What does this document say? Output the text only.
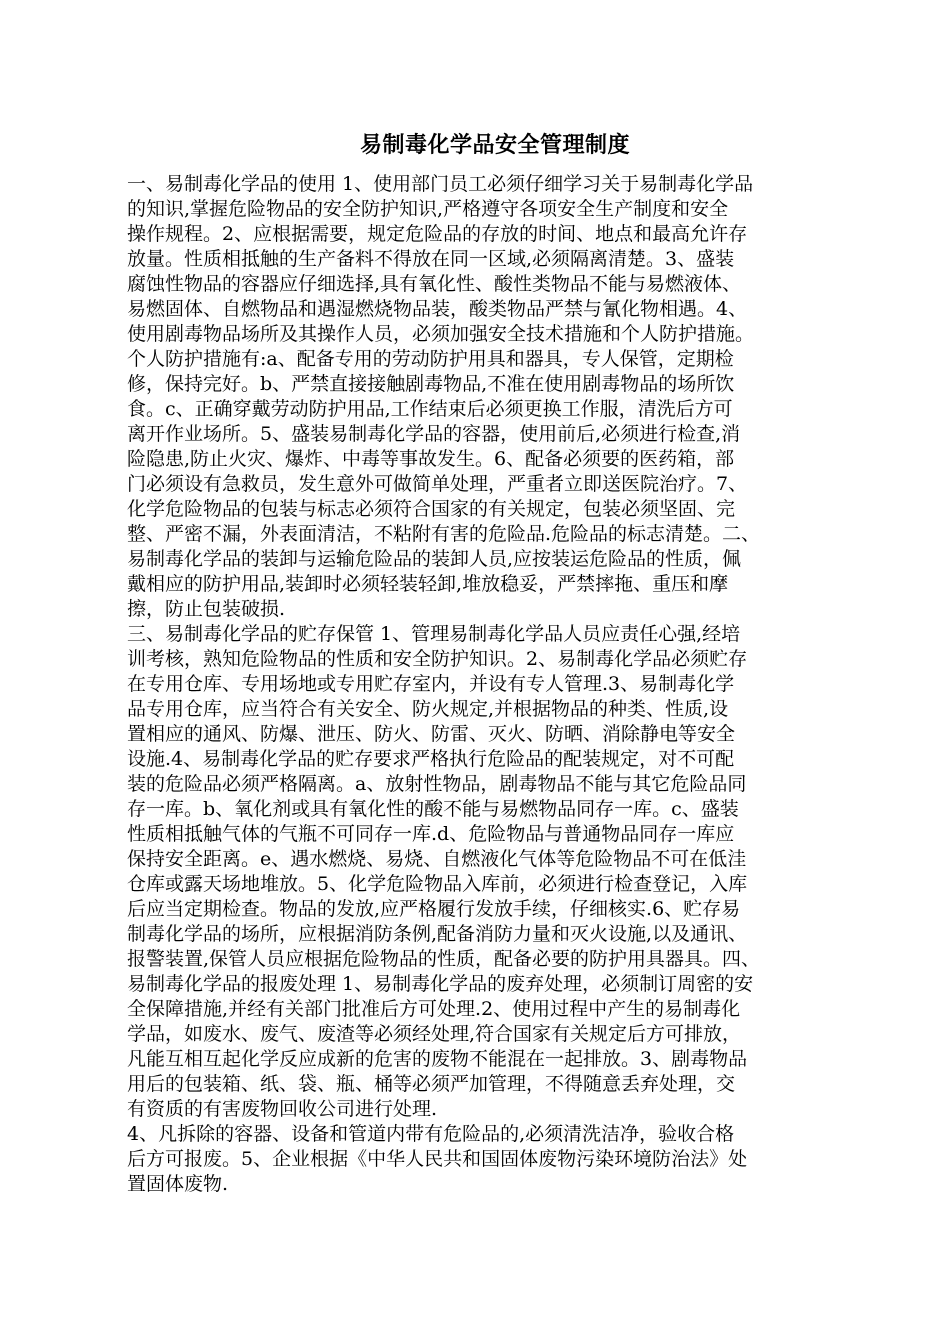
易制毒化学品安全管理制度
一、易制毒化学品的使用 1、使用部门员工必须仔细学习关于易制毒化学品
的知识,掌握危险物品的安全防护知识,严格遵守各项安全生产制度和安全
操作规程。2、应根据需要，规定危险品的存放的时间、地点和最高允许存
放量。性质相抵触的生产备料不得放在同一区域,必须隔离清楚。3、盛装
腐蚀性物品的容器应仔细选择,具有氧化性、酸性类物品不能与易燃液体、
易燃固体、自燃物品和遇湿燃烧物品装，酸类物品严禁与氰化物相遇。4、
使用剧毒物品场所及其操作人员，必须加强安全技术措施和个人防护措施。
个人防护措施有:a、配备专用的劳动防护用具和器具，专人保管，定期检
修，保持完好。b、严禁直接接触剧毒物品,不准在使用剧毒物品的场所饮
食。c、正确穿戴劳动防护用品,工作结束后必须更换工作服，清洗后方可
离开作业场所。5、盛装易制毒化学品的容器，使用前后,必须进行检查,消
险隐患,防止火灾、爆炸、中毒等事故发生。6、配备必须要的医药箱，部
门必须设有急救员，发生意外可做简单处理，严重者立即送医院治疗。7、
化学危险物品的包装与标志必须符合国家的有关规定，包装必须坚固、完
整、严密不漏，外表面清洁，不粘附有害的危险品.危险品的标志清楚。二、
易制毒化学品的装卸与运输危险品的装卸人员,应按装运危险品的性质，佩
戴相应的防护用品,装卸时必须轻装轻卸,堆放稳妥，严禁摔拖、重压和摩
擦，防止包装破损.
三、易制毒化学品的贮存保管 1、管理易制毒化学品人员应责任心强,经培
训考核，熟知危险物品的性质和安全防护知识。2、易制毒化学品必须贮存
在专用仓库、专用场地或专用贮存室内，并设有专人管理.3、易制毒化学
品专用仓库，应当符合有关安全、防火规定,并根据物品的种类、性质,设
置相应的通风、防爆、泄压、防火、防雷、灭火、防晒、消除静电等安全
设施.4、易制毒化学品的贮存要求严格执行危险品的配装规定，对不可配
装的危险品必须严格隔离。a、放射性物品，剧毒物品不能与其它危险品同
存一库。b、氧化剂或具有氧化性的酸不能与易燃物品同存一库。c、盛装
性质相抵触气体的气瓶不可同存一库.d、危险物品与普通物品同存一库应
保持安全距离。e、遇水燃烧、易烧、自燃液化气体等危险物品不可在低洼
仓库或露天场地堆放。5、化学危险物品入库前，必须进行检查登记，入库
后应当定期检查。物品的发放,应严格履行发放手续，仔细核实.6、贮存易
制毒化学品的场所，应根据消防条例,配备消防力量和灭火设施,以及通讯、
报警装置,保管人员应根据危险物品的性质，配备必要的防护用具器具。四、
易制毒化学品的报废处理 1、易制毒化学品的废弃处理，必须制订周密的安
全保障措施,并经有关部门批准后方可处理.2、使用过程中产生的易制毒化
学品，如废水、废气、废渣等必须经处理,符合国家有关规定后方可排放，
凡能互相互起化学反应成新的危害的废物不能混在一起排放。3、剧毒物品
用后的包装箱、纸、袋、瓶、桶等必须严加管理，不得随意丢弃处理，交
有资质的有害废物回收公司进行处理.
4、凡拆除的容器、设备和管道内带有危险品的,必须清洗洁净，验收合格
后方可报废。5、企业根据《中华人民共和国固体废物污染环境防治法》处
置固体废物.
